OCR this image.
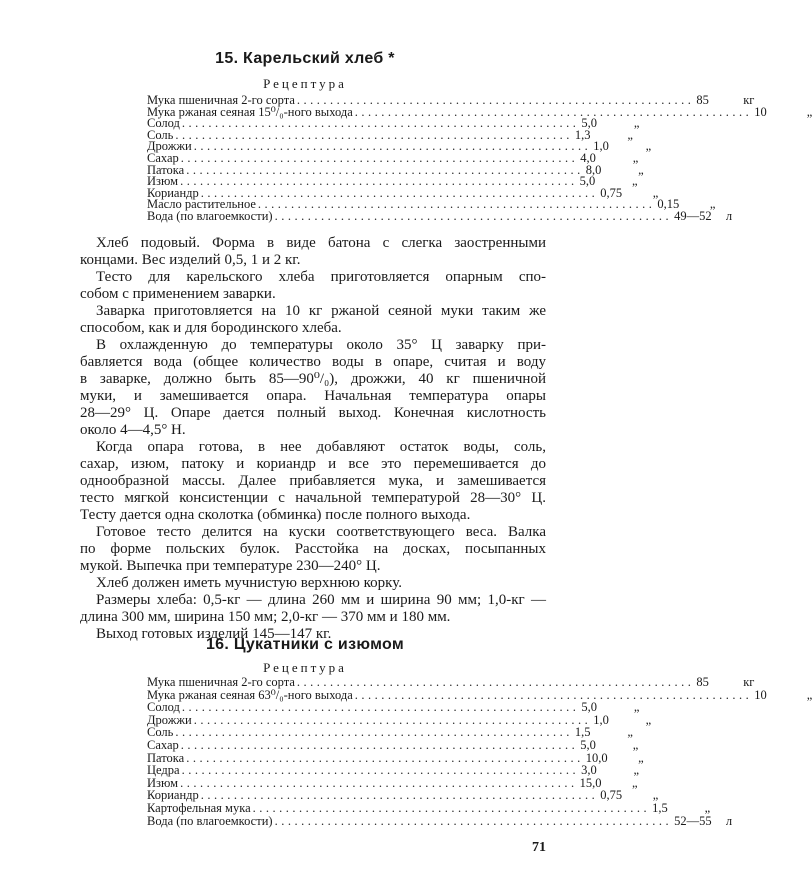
15. Карельский хлеб *
Рецептура
Мука пшеничная 2-го сорта ............................................................ 85	кг
Мука ржаная сеяная 15⁰/₀-ного выхода ............................................................ 10	„
Солод ............................................................ 5,0	„
Соль ............................................................ 1,3	„
Дрожжи ............................................................ 1,0	„
Сахар ............................................................ 4,0	„
Патока ............................................................ 8,0	„
Изюм ............................................................ 5,0	„
Кориандр ............................................................ 0,75	„
Масло растительное ............................................................ 0,15	„
Вода (по влагоемкости) ............................................................ 49—52	л
Хлеб подовый. Форма в виде батона с слегка заостренными
концами. Вес изделий 0,5, 1 и 2 кг.
Тесто для карельского хлеба приготовляется опарным спо-
собом с применением заварки.
Заварка приготовляется на 10 кг ржаной сеяной муки таким же
способом, как и для бородинского хлеба.
В охлажденную до температуры около 35° Ц заварку при-
бавляется вода (общее количество воды в опаре, считая и воду
в заварке, должно быть 85—90⁰/₀), дрожжи, 40 кг пшеничной
муки, и замешивается опара. Начальная температура опары
28—29° Ц. Опаре дается полный выход. Конечная кислотность
около 4—4,5° Н.
Когда опара готова, в нее добавляют остаток воды, соль,
сахар, изюм, патоку и кориандр и все это перемешивается до
однообразной массы. Далее прибавляется мука, и замешивается
тесто мягкой консистенции с начальной температурой 28—30° Ц.
Тесту дается одна сколотка (обминка) после полного выхода.
Готовое тесто делится на куски соответствующего веса. Валка
по форме польских булок. Расстойка на досках, посыпанных
мукой. Выпечка при температуре 230—240° Ц.
Хлеб должен иметь мучнистую верхнюю корку.
Размеры хлеба: 0,5-кг — длина 260 мм и ширина 90 мм; 1,0-кг —
длина 300 мм, ширина 150 мм; 2,0-кг — 370 мм и 180 мм.
Выход готовых изделий 145—147 кг.
16. Цукатники с изюмом
Рецептура
Мука пшеничная 2-го сорта ............................................................ 85	кг
Мука ржаная сеяная 63⁰/₀-ного выхода ............................................................ 10	„
Солод ............................................................ 5,0	„
Дрожжи ............................................................ 1,0	„
Соль ............................................................ 1,5	„
Сахар ............................................................ 5,0	„
Патока ............................................................ 10,0	„
Цедра ............................................................ 3,0	„
Изюм ............................................................ 15,0	„
Кориандр ............................................................ 0,75	„
Картофельная мука ............................................................ 1,5	„
Вода (по влагоемкости) ............................................................ 52—55	л
71
